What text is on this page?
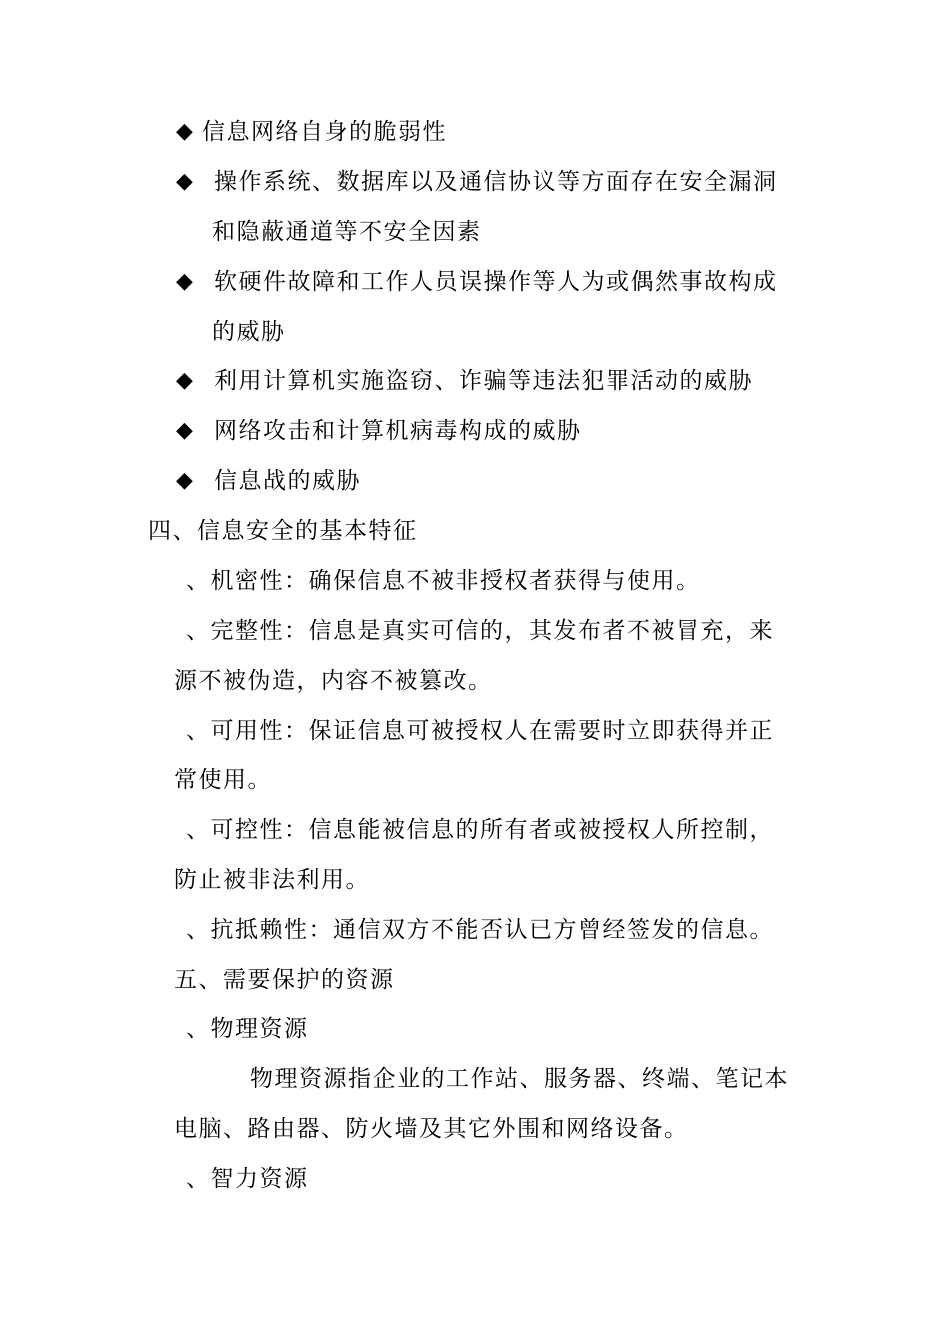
◆ 信息网络自身的脆弱性
◆ 操作系统、数据库以及通信协议等方面存在安全漏洞
和隐蔽通道等不安全因素
◆ 软硬件故障和工作人员误操作等人为或偶然事故构成
的威胁
◆ 利用计算机实施盗窃、诈骗等违法犯罪活动的威胁
◆ 网络攻击和计算机病毒构成的威胁
◆ 信息战的威胁
四、信息安全的基本特征
、机密性：确保信息不被非授权者获得与使用。
、完整性：信息是真实可信的，其发布者不被冒充，来
源不被伪造，内容不被篡改。
、可用性：保证信息可被授权人在需要时立即获得并正
常使用。
、可控性：信息能被信息的所有者或被授权人所控制，
防止被非法利用。
、抗抵赖性：通信双方不能否认已方曾经签发的信息。
五、需要保护的资源
、物理资源
物理资源指企业的工作站、服务器、终端、笔记本
电脑、路由器、防火墙及其它外围和网络设备。
、智力资源
